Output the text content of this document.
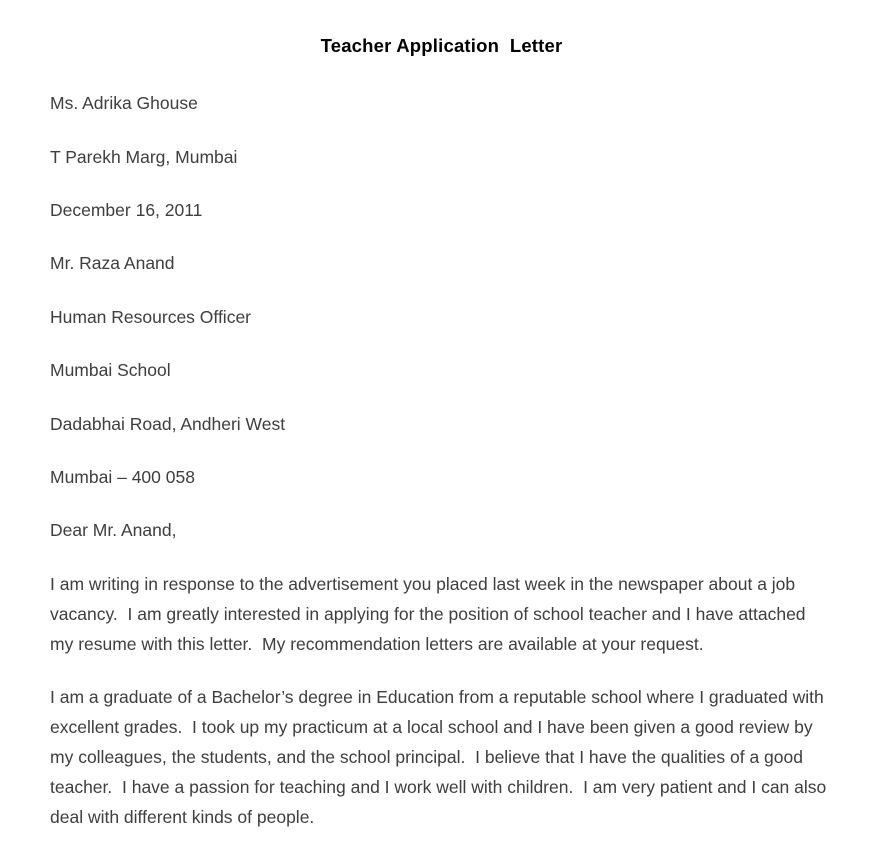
Teacher Application  Letter
Ms. Adrika Ghouse
T Parekh Marg, Mumbai
December 16, 2011
Mr. Raza Anand
Human Resources Officer
Mumbai School
Dadabhai Road, Andheri West
Mumbai – 400 058
Dear Mr. Anand,

I am writing in response to the advertisement you placed last week in the newspaper about a job vacancy.  I am greatly interested in applying for the position of school teacher and I have attached my resume with this letter.  My recommendation letters are available at your request.

I am a graduate of a Bachelor’s degree in Education from a reputable school where I graduated with excellent grades.  I took up my practicum at a local school and I have been given a good review by my colleagues, the students, and the school principal.  I believe that I have the qualities of a good teacher.  I have a passion for teaching and I work well with children.  I am very patient and I can also deal with different kinds of people.
